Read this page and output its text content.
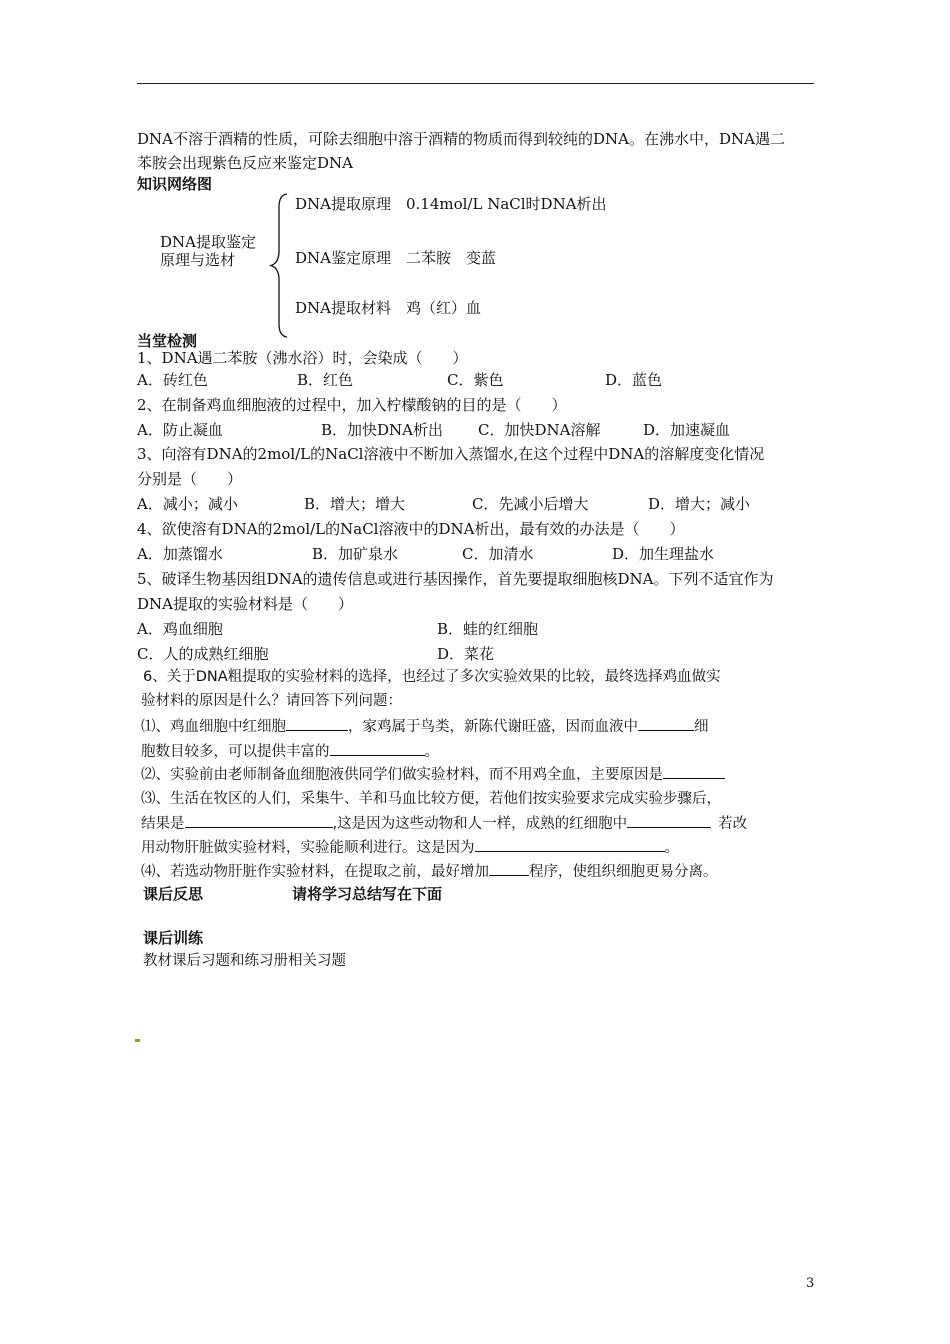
DNA不溶于酒精的性质，可除去细胞中溶于酒精的物质而得到较纯的DNA。在沸水中，DNA遇二
苯胺会出现紫色反应来鉴定DNA
知识网络图
DNA提取鉴定
原理与选材
DNA提取原理　0.14mol/L NaCl时DNA析出
DNA鉴定原理　二苯胺　变蓝
DNA提取材料　鸡（红）血
当堂检测
1、DNA遇二苯胺（沸水浴）时，会染成（　　）
A．砖红色	B．红色	C．紫色	D．蓝色
2、在制备鸡血细胞液的过程中，加入柠檬酸钠的目的是（　　）
A．防止凝血	B．加快DNA析出 C．加快DNA溶解	D．加速凝血
3、向溶有DNA的2mol/L的NaCl溶液中不断加入蒸馏水,在这个过程中DNA的溶解度变化情况
分别是（　　）
A．减小；减小	B．增大；增大	C．先减小后增大	D．增大；减小
4、欲使溶有DNA的2mol/L的NaCl溶液中的DNA析出，最有效的办法是（　　）
A．加蒸馏水	B．加矿泉水	C．加清水	D．加生理盐水
5、破译生物基因组DNA的遗传信息或进行基因操作，首先要提取细胞核DNA。下列不适宜作为
DNA提取的实验材料是（　　）
A．鸡血细胞	B．蛙的红细胞
C．人的成熟红细胞	D．菜花
6、关于DNA粗提取的实验材料的选择，也经过了多次实验效果的比较，最终选择鸡血做实
验材料的原因是什么？请回答下列问题：
⑴、鸡血细胞中红细胞	，家鸡属于鸟类，新陈代谢旺盛，因而血液中	细
胞数目较多，可以提供丰富的	。
⑵、实验前由老师制备血细胞液供同学们做实验材料，而不用鸡全血，主要原因是
⑶、生活在牧区的人们，采集牛、羊和马血比较方便，若他们按实验要求完成实验步骤后，
结果是	,这是因为这些动物和人一样，成熟的红细胞中	若改
用动物肝脏做实验材料，实验能顺利进行。这是因为	。
⑷、若选动物肝脏作实验材料，在提取之前，最好增加	程序，使组织细胞更易分离。
课后反思	请将学习总结写在下面
课后训练
教材课后习题和练习册相关习题
3
